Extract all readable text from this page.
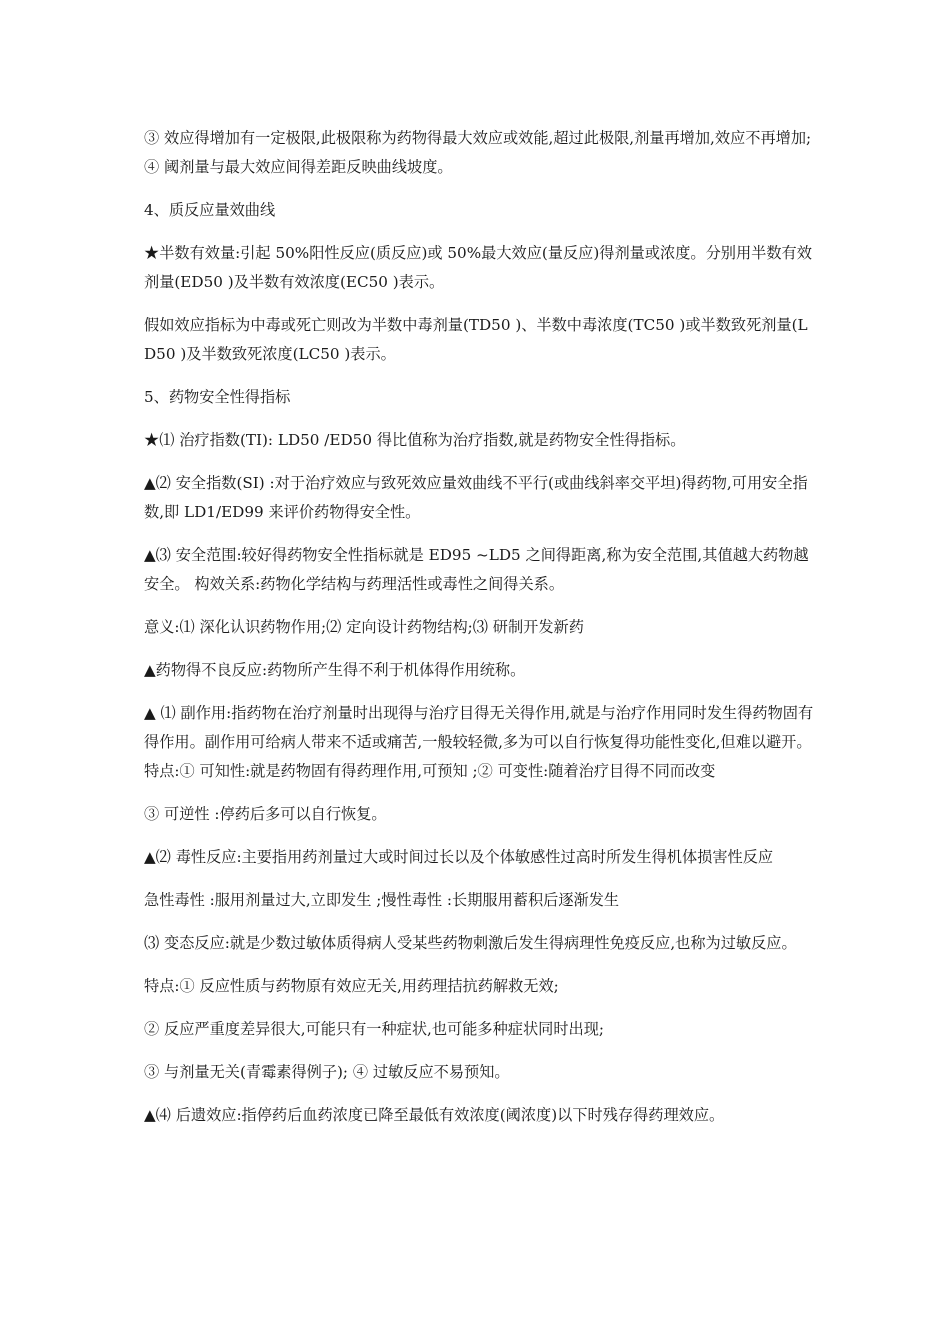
③ 效应得增加有一定极限,此极限称为药物得最大效应或效能,超过此极限,剂量再增加,效应不再增加; ④ 阈剂量与最大效应间得差距反映曲线坡度。

4、质反应量效曲线

★半数有效量:引起 50%阳性反应(质反应)或 50%最大效应(量反应)得剂量或浓度。分别用半数有效剂量(ED50 )及半数有效浓度(EC50 )表示。

假如效应指标为中毒或死亡则改为半数中毒剂量(TD50 )、半数中毒浓度(TC50 )或半数致死剂量(LD50 )及半数致死浓度(LC50 )表示。

5、药物安全性得指标

★⑴ 治疗指数(TI): LD50 /ED50 得比值称为治疗指数,就是药物安全性得指标。

▲⑵ 安全指数(SI) :对于治疗效应与致死效应量效曲线不平行(或曲线斜率交平坦)得药物,可用安全指数,即 LD1/ED99 来评价药物得安全性。

▲⑶ 安全范围:较好得药物安全性指标就是 ED95 ~LD5 之间得距离,称为安全范围,其值越大药物越安全。 构效关系:药物化学结构与药理活性或毒性之间得关系。

意义:⑴ 深化认识药物作用;⑵ 定向设计药物结构;⑶ 研制开发新药

▲药物得不良反应:药物所产生得不利于机体得作用统称。

▲ ⑴ 副作用:指药物在治疗剂量时出现得与治疗目得无关得作用,就是与治疗作用同时发生得药物固有得作用。副作用可给病人带来不适或痛苦,一般较轻微,多为可以自行恢复得功能性变化,但难以避开。 特点:① 可知性:就是药物固有得药理作用,可预知 ;② 可变性:随着治疗目得不同而改变

③ 可逆性 :停药后多可以自行恢复。

▲⑵ 毒性反应:主要指用药剂量过大或时间过长以及个体敏感性过高时所发生得机体损害性反应

急性毒性 :服用剂量过大,立即发生 ;慢性毒性 :长期服用蓄积后逐渐发生

⑶ 变态反应:就是少数过敏体质得病人受某些药物刺激后发生得病理性免疫反应,也称为过敏反应。

特点:① 反应性质与药物原有效应无关,用药理拮抗药解救无效;

② 反应严重度差异很大,可能只有一种症状,也可能多种症状同时出现;

③ 与剂量无关(青霉素得例子); ④ 过敏反应不易预知。

▲⑷ 后遗效应:指停药后血药浓度已降至最低有效浓度(阈浓度)以下时残存得药理效应。
